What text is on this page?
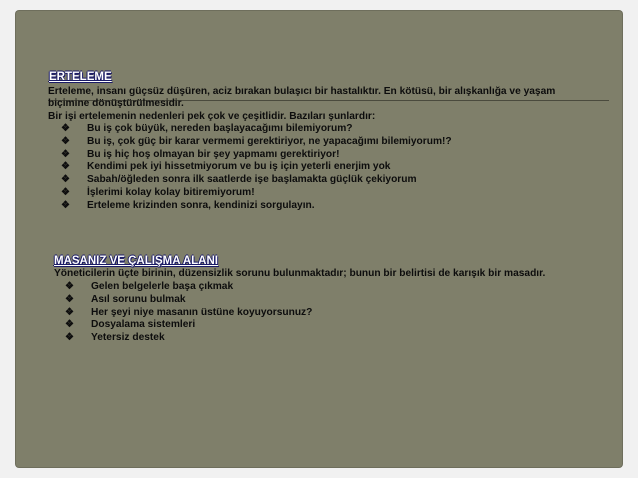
ERTELEME

Erteleme, insanı güçsüz düşüren, aciz bırakan bulaşıcı bir hastalıktır. En kötüsü, bir alışkanlığa ve yaşam

biçimine dönüştürülmesidir.

Bir işi ertelemenin nedenleri pek çok ve çeşitlidir. Bazıları şunlardır:

❖ Bu iş çok büyük, nereden başlayacağımı bilemiyorum?
❖ Bu iş, çok güç bir karar vermemi gerektiriyor, ne yapacağımı bilemiyorum!?
❖ Bu iş hiç hoş olmayan bir şey yapmamı gerektiriyor!
❖ Kendimi pek iyi hissetmiyorum ve bu iş için yeterli enerjim yok
❖ Sabah/öğleden sonra ilk saatlerde işe başlamakta güçlük çekiyorum
❖ İşlerimi kolay kolay bitiremiyorum!
❖ Erteleme krizinden sonra, kendinizi sorgulayın.

MASANIZ VE ÇALIŞMA ALANI

Yöneticilerin üçte birinin, düzensizlik sorunu bulunmaktadır; bunun bir belirtisi de karışık bir masadır.

❖ Gelen belgelerle başa çıkmak
❖ Asıl sorunu bulmak
❖ Her şeyi niye masanın üstüne koyuyorsunuz?
❖ Dosyalama sistemleri
❖ Yetersiz destek
